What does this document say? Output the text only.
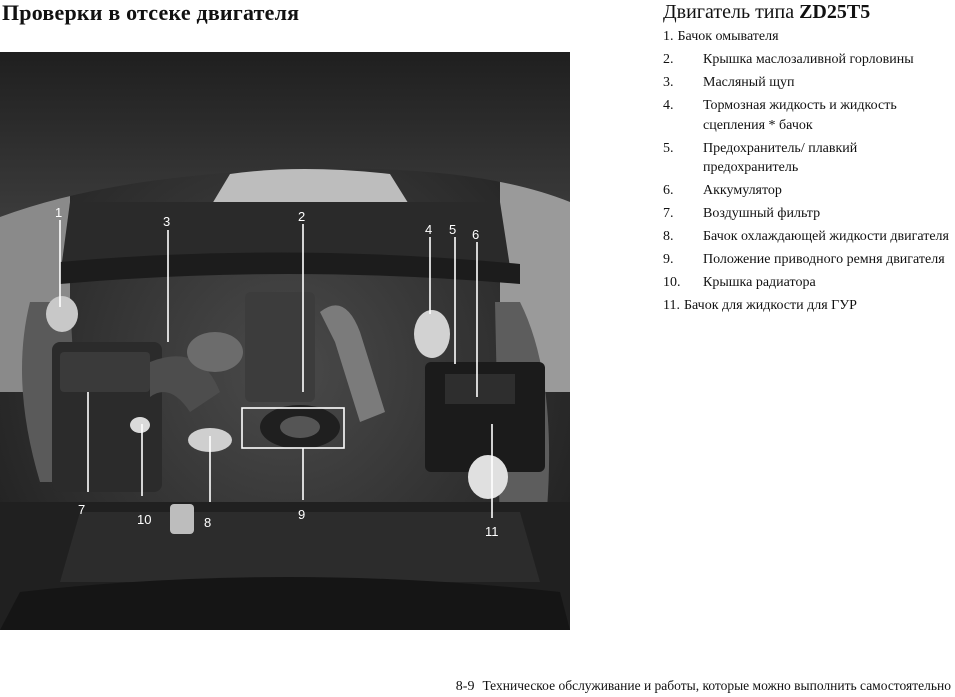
Проверки в отсеке двигателя
1	2
3
4 5 6
7
8
9
10
11
Двигатель типа ZD25T5
1. Бачок омывателя
2.	Крышка маслозаливной горловины
3.	Масляный щуп
4.	Тормозная жидкость и жидкость сцепления * бачок
5.	Предохранитель/ плавкий предохранитель
6.	Аккумулятор
7.	Воздушный фильтр
8.	Бачок охлаждающей жидкости двигателя
9.	Положение приводного ремня двигателя
10.	Крышка радиатора
11. Бачок для жидкости для ГУР
8-9 Техническое обслуживание и работы, которые можно выполнить самостоятельно
